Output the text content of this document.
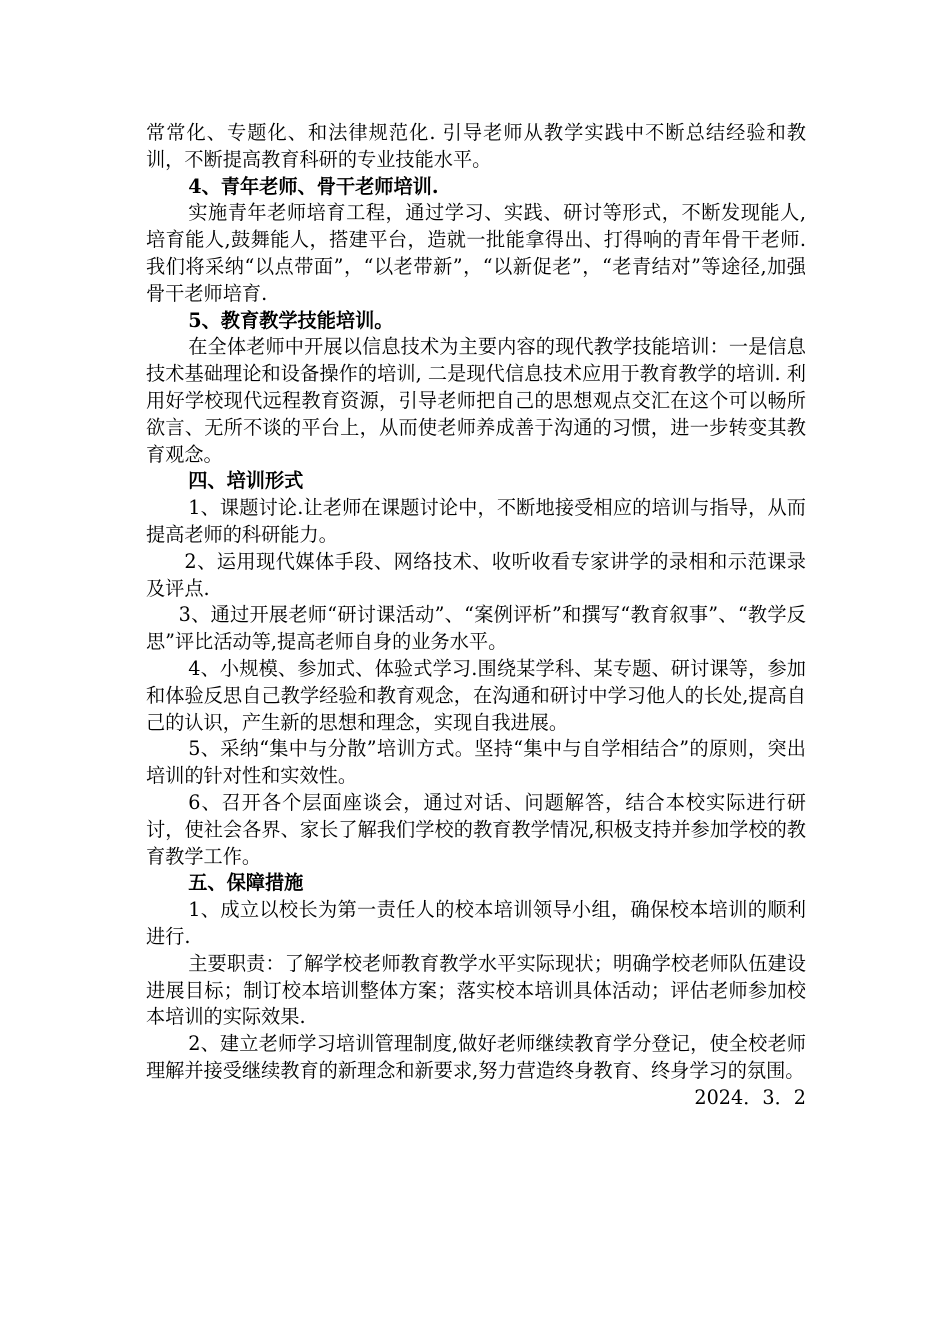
常常化、专题化、和法律规范化. 引导老师从教学实践中不断总结经验和教训，不断提高教育科研的专业技能水平。

4、青年老师、骨干老师培训.

实施青年老师培育工程，通过学习、实践、研讨等形式，不断发现能人,培育能人,鼓舞能人，搭建平台，造就一批能拿得出、打得响的青年骨干老师.我们将采纳“以点带面”，“以老带新”，“以新促老”，“老青结对”等途径,加强骨干老师培育.

5、教育教学技能培训。

在全体老师中开展以信息技术为主要内容的现代教学技能培训：一是信息技术基础理论和设备操作的培训, 二是现代信息技术应用于教育教学的培训. 利用好学校现代远程教育资源，引导老师把自己的思想观点交汇在这个可以畅所欲言、无所不谈的平台上，从而使老师养成善于沟通的习惯，进一步转变其教育观念。

四、培训形式

1、课题讨论.让老师在课题讨论中，不断地接受相应的培训与指导，从而提高老师的科研能力。

2、运用现代媒体手段、网络技术、收听收看专家讲学的录相和示范课录及评点.

3、通过开展老师“研讨课活动”、“案例评析”和撰写“教育叙事”、“教学反思”评比活动等,提高老师自身的业务水平。

4、小规模、参加式、体验式学习.围绕某学科、某专题、研讨课等，参加和体验反思自己教学经验和教育观念，在沟通和研讨中学习他人的长处,提高自己的认识，产生新的思想和理念，实现自我进展。

5、采纳“集中与分散”培训方式。坚持“集中与自学相结合”的原则，突出培训的针对性和实效性。

6、召开各个层面座谈会，通过对话、问题解答，结合本校实际进行研讨，使社会各界、家长了解我们学校的教育教学情况,积极支持并参加学校的教育教学工作。

五、保障措施

1、成立以校长为第一责任人的校本培训领导小组，确保校本培训的顺利进行.

主要职责：了解学校老师教育教学水平实际现状；明确学校老师队伍建设进展目标；制订校本培训整体方案；落实校本培训具体活动；评估老师参加校本培训的实际效果.

2、建立老师学习培训管理制度,做好老师继续教育学分登记，使全校老师理解并接受继续教育的新理念和新要求,努力营造终身教育、终身学习的氛围。

2024．3．2
